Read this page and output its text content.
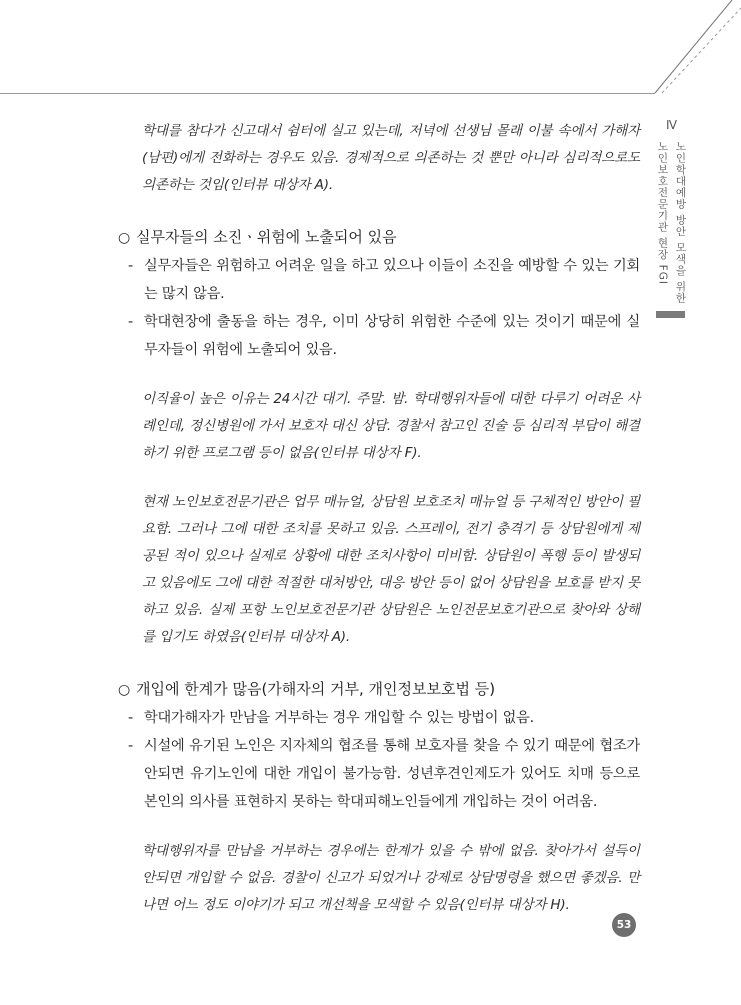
Ⅳ
노인학대예방 방안 모색을 위한
노인보호전문기관 현장 FGI

학대를 참다가 신고대서 쉼터에 실고 있는데, 저녁에 선생님 몰래 이불 속에서 가해자(남편)에게 전화하는 경우도 있음. 경제적으로 의존하는 것 뿐만 아니라 심리적으로도 의존하는 것임(인터뷰 대상자 A).

○ 실무자들의 소진ㆍ위험에 노출되어 있음
- 실무자들은 위험하고 어려운 일을 하고 있으나 이들이 소진을 예방할 수 있는 기회는 많지 않음.
- 학대현장에 출동을 하는 경우, 이미 상당히 위험한 수준에 있는 것이기 때문에 실무자들이 위험에 노출되어 있음.

이직율이 높은 이유는 24시간 대기. 주말. 밤. 학대행위자들에 대한 다루기 어려운 사례인데, 정신병원에 가서 보호자 대신 상담. 경찰서 참고인 진술 등 심리적 부담이 해결하기 위한 프로그램 등이 없음(인터뷰 대상자 F).

현재 노인보호전문기관은 업무 매뉴얼, 상담원 보호조치 매뉴얼 등 구체적인 방안이 필요함. 그러나 그에 대한 조치를 못하고 있음. 스프레이, 전기 충격기 등 상담원에게 제공된 적이 있으나 실제로 상황에 대한 조치사항이 미비함. 상담원이 폭행 등이 발생되고 있음에도 그에 대한 적절한 대처방안, 대응 방안 등이 없어 상담원을 보호를 받지 못하고 있음. 실제 포항 노인보호전문기관 상담원은 노인전문보호기관으로 찾아와 상해를 입기도 하였음(인터뷰 대상자 A).

○ 개입에 한계가 많음(가해자의 거부, 개인정보보호법 등)
- 학대가해자가 만남을 거부하는 경우 개입할 수 있는 방법이 없음.
- 시설에 유기된 노인은 지자체의 협조를 통해 보호자를 찾을 수 있기 때문에 협조가 안되면 유기노인에 대한 개입이 불가능함. 성년후견인제도가 있어도 치매 등으로 본인의 의사를 표현하지 못하는 학대피해노인들에게 개입하는 것이 어려움.

학대행위자를 만남을 거부하는 경우에는 한계가 있을 수 밖에 없음. 찾아가서 설득이 안되면 개입할 수 없음. 경찰이 신고가 되었거나 강제로 상담명령을 했으면 좋겠음. 만나면 어느 정도 이야기가 되고 개선책을 모색할 수 있음(인터뷰 대상자 H).

53
